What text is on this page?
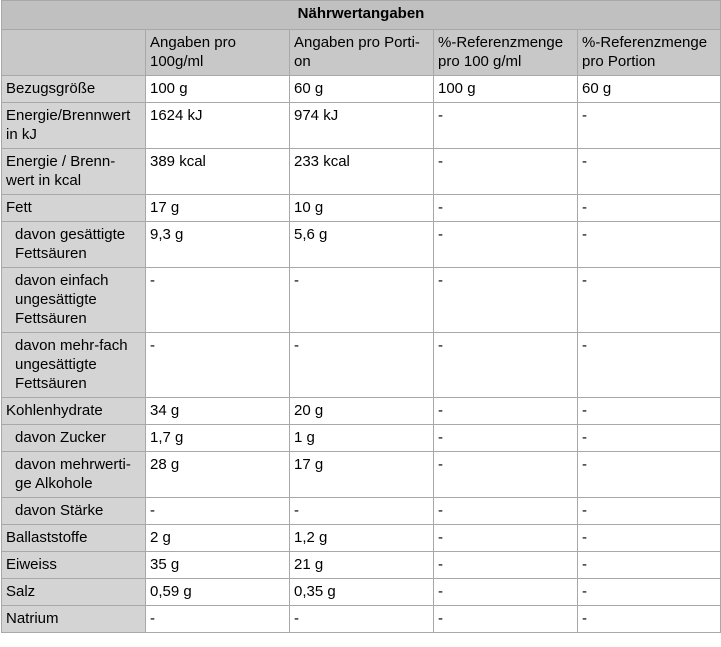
Nährwertangaben				
	Angaben pro 100g/ml	Angaben pro Porti-on	%-Referenzmenge pro 100 g/ml	%-Referenzmenge pro Portion
Bezugsgröße	100 g	60 g	100 g	60 g
Energie/Brennwert in kJ	1624 kJ	974 kJ	-	-
Energie / Brenn-wert in kcal	389 kcal	233 kcal	-	-
Fett	17 g	10 g	-	-
davon gesättigte Fettsäuren	9,3 g	5,6 g	-	-
davon einfach ungesättigte Fettsäuren	-	-	-	-
davon mehr-fach ungesättigte Fettsäuren	-	-	-	-
Kohlenhydrate	34 g	20 g	-	-
davon Zucker	1,7 g	1 g	-	-
davon mehrwerti-ge Alkohole	28 g	17 g	-	-
davon Stärke	-	-	-	-
Ballaststoffe	2 g	1,2 g	-	-
Eiweiss	35 g	21 g	-	-
Salz	0,59 g	0,35 g	-	-
Natrium	-	-	-	-
